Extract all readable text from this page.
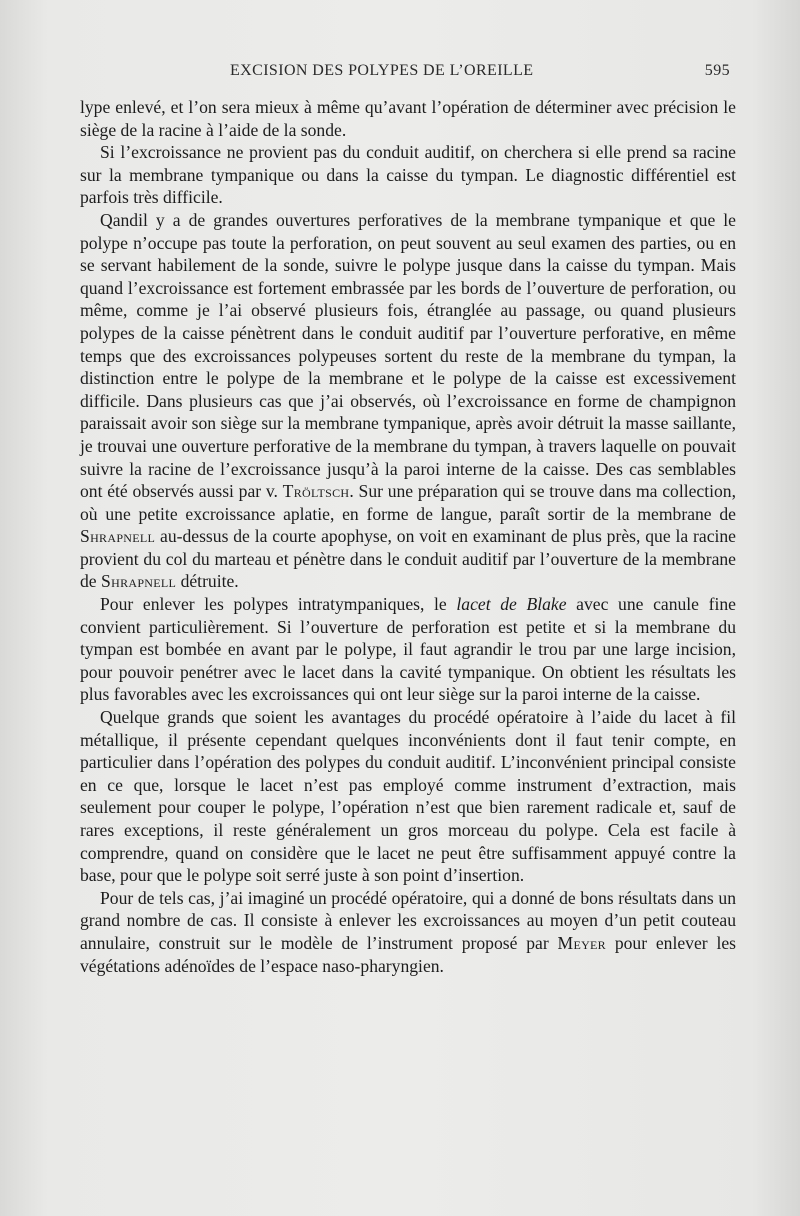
EXCISION DES POLYPES DE L’OREILLE	595

lype enlevé, et l’on sera mieux à même qu’avant l’opération de déterminer avec précision le siège de la racine à l’aide de la sonde.

Si l’excroissance ne provient pas du conduit auditif, on cherchera si elle prend sa racine sur la membrane tympanique ou dans la caisse du tympan. Le diagnostic différentiel est parfois très difficile.

Qandil y a de grandes ouvertures perforatives de la membrane tympanique et que le polype n’occupe pas toute la perforation, on peut souvent au seul examen des parties, ou en se servant habilement de la sonde, suivre le polype jusque dans la caisse du tympan. Mais quand l’excroissance est fortement embrassée par les bords de l’ouverture de perforation, ou même, comme je l’ai observé plusieurs fois, étranglée au passage, ou quand plusieurs polypes de la caisse pénètrent dans le conduit auditif par l’ouverture perforative, en même temps que des excroissances polypeuses sortent du reste de la membrane du tympan, la distinction entre le polype de la membrane et le polype de la caisse est excessivement difficile. Dans plusieurs cas que j’ai observés, où l’excroissance en forme de champignon paraissait avoir son siège sur la membrane tympanique, après avoir détruit la masse saillante, je trouvai une ouverture perforative de la membrane du tympan, à travers laquelle on pouvait suivre la racine de l’excroissance jusqu’à la paroi interne de la caisse. Des cas semblables ont été observés aussi par v. Tröltsch. Sur une préparation qui se trouve dans ma collection, où une petite excroissance aplatie, en forme de langue, paraît sortir de la membrane de Shrapnell au-dessus de la courte apophyse, on voit en examinant de plus près, que la racine provient du col du marteau et pénètre dans le conduit auditif par l’ouverture de la membrane de Shrapnell détruite.

Pour enlever les polypes intratympaniques, le lacet de Blake avec une canule fine convient particulièrement. Si l’ouverture de perforation est petite et si la membrane du tympan est bombée en avant par le polype, il faut agrandir le trou par une large incision, pour pouvoir penétrer avec le lacet dans la cavité tympanique. On obtient les résultats les plus favorables avec les excroissances qui ont leur siège sur la paroi interne de la caisse.

Quelque grands que soient les avantages du procédé opératoire à l’aide du lacet à fil métallique, il présente cependant quelques inconvénients dont il faut tenir compte, en particulier dans l’opération des polypes du conduit auditif. L’inconvénient principal consiste en ce que, lorsque le lacet n’est pas employé comme instrument d’extraction, mais seulement pour couper le polype, l’opération n’est que bien rarement radicale et, sauf de rares exceptions, il reste généralement un gros morceau du polype. Cela est facile à comprendre, quand on considère que le lacet ne peut être suffisamment appuyé contre la base, pour que le polype soit serré juste à son point d’insertion.

Pour de tels cas, j’ai imaginé un procédé opératoire, qui a donné de bons résultats dans un grand nombre de cas. Il consiste à enlever les excroissances au moyen d’un petit couteau annulaire, construit sur le modèle de l’instrument proposé par Meyer pour enlever les végétations adénoïdes de l’espace naso-pharyngien.
